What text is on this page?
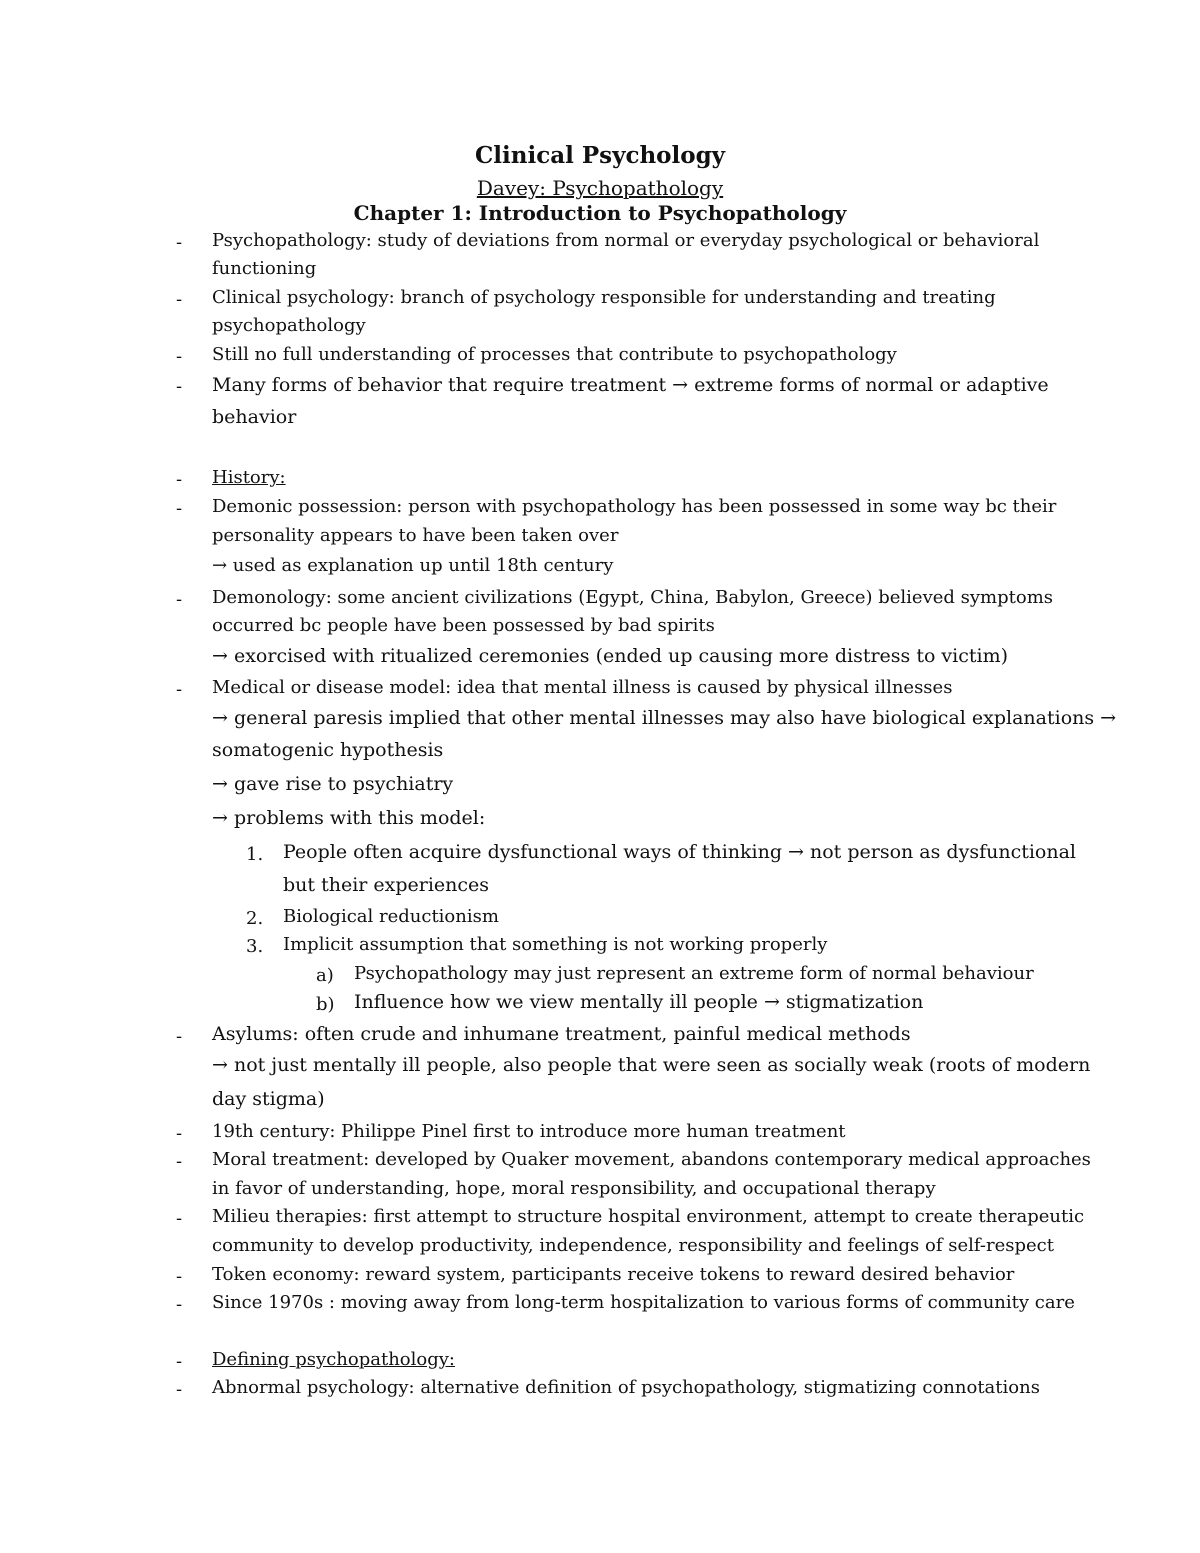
Clinical Psychology
Davey: Psychopathology
Chapter 1: Introduction to Psychopathology
-
-
-
-
-
-
-
-
-
-
-
-
-
-
-
-
Psychopathology: study of deviations from normal or everyday psychological or behavioral
functioning
Clinical psychology: branch of psychology responsible for understanding and treating
psychopathology
Still no full understanding of processes that contribute to psychopathology
Many forms of behavior that require treatment → extreme forms of normal or adaptive
behavior
History:
Demonic possession: person with psychopathology has been possessed in some way bc their
personality appears to have been taken over
→ used as explanation up until 18th century
Demonology: some ancient civilizations (Egypt, China, Babylon, Greece) believed symptoms
occurred bc people have been possessed by bad spirits
→ exorcised with ritualized ceremonies (ended up causing more distress to victim)
Medical or disease model: idea that mental illness is caused by physical illnesses
→ general paresis implied that other mental illnesses may also have biological explanations →
somatogenic hypothesis
→ gave rise to psychiatry
→ problems with this model:
1. People often acquire dysfunctional ways of thinking → not person as dysfunctional
but their experiences
2. Biological reductionism
3. Implicit assumption that something is not working properly
a) Psychopathology may just represent an extreme form of normal behaviour
b) Influence how we view mentally ill people → stigmatization
Asylums: often crude and inhumane treatment, painful medical methods
→ not just mentally ill people, also people that were seen as socially weak (roots of modern
day stigma)
19th century: Philippe Pinel first to introduce more human treatment
Moral treatment: developed by Quaker movement, abandons contemporary medical approaches
in favor of understanding, hope, moral responsibility, and occupational therapy
Milieu therapies: first attempt to structure hospital environment, attempt to create therapeutic
community to develop productivity, independence, responsibility and feelings of self-respect
Token economy: reward system, participants receive tokens to reward desired behavior
Since 1970s : moving away from long-term hospitalization to various forms of community care
Defining psychopathology:
Abnormal psychology: alternative definition of psychopathology, stigmatizing connotations
